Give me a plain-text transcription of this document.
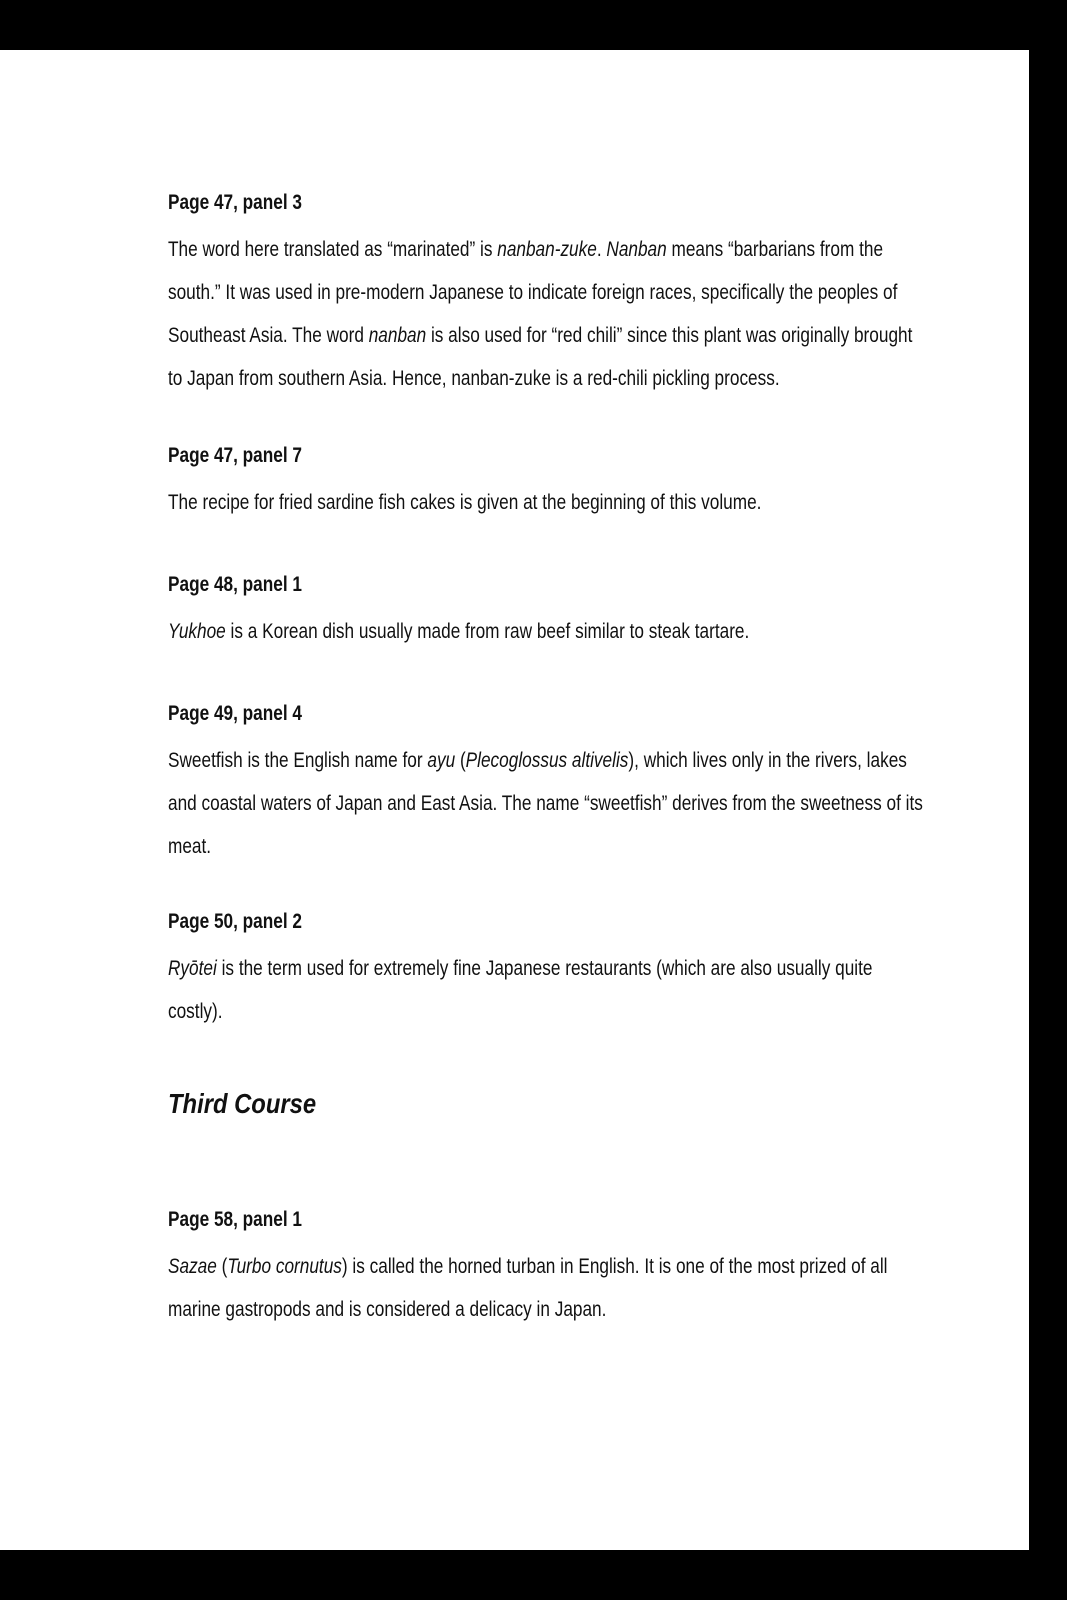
Page 47, panel 3

The word here translated as “marinated” is nanban-zuke. Nanban means “barbarians from the south.” It was used in pre-modern Japanese to indicate foreign races, specifically the peoples of Southeast Asia. The word nanban is also used for “red chili” since this plant was originally brought to Japan from southern Asia. Hence, nanban-zuke is a red-chili pickling process.

Page 47, panel 7

The recipe for fried sardine fish cakes is given at the beginning of this volume.

Page 48, panel 1

Yukhoe is a Korean dish usually made from raw beef similar to steak tartare.

Page 49, panel 4

Sweetfish is the English name for ayu (Plecoglossus altivelis), which lives only in the rivers, lakes and coastal waters of Japan and East Asia. The name “sweetfish” derives from the sweetness of its meat.

Page 50, panel 2

Ryōtei is the term used for extremely fine Japanese restaurants (which are also usually quite costly).

Third Course
Page 58, panel 1

Sazae (Turbo cornutus) is called the horned turban in English. It is one of the most prized of all marine gastropods and is considered a delicacy in Japan.
